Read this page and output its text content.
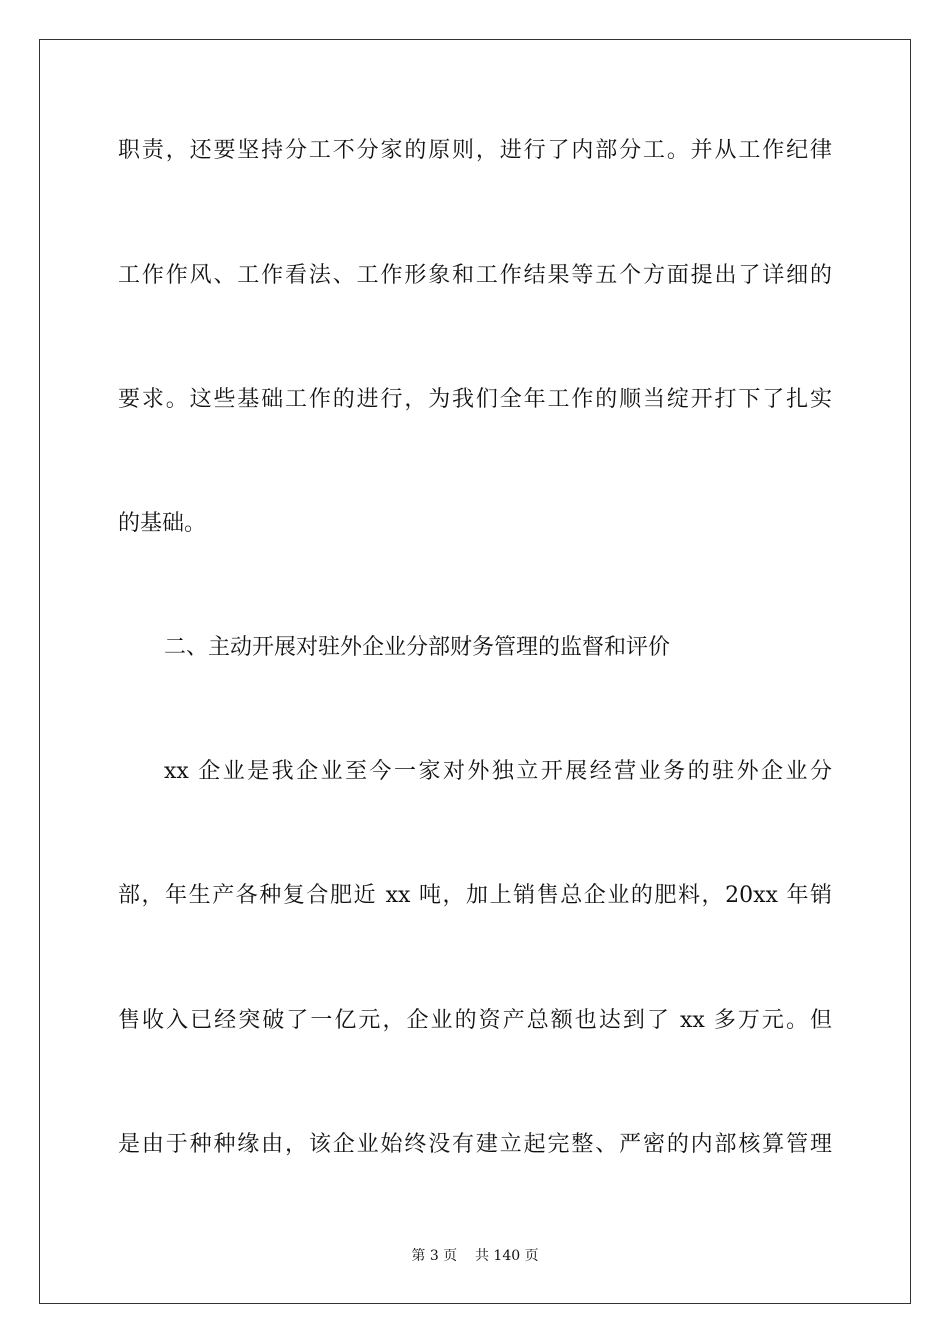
职责，还要坚持分工不分家的原则，进行了内部分工。并从工作纪律
工作作风、工作看法、工作形象和工作结果等五个方面提出了详细的
要求。这些基础工作的进行，为我们全年工作的顺当绽开打下了扎实
的基础。
二、主动开展对驻外企业分部财务管理的监督和评价
xx 企业是我企业至今一家对外独立开展经营业务的驻外企业分
部，年生产各种复合肥近 xx 吨，加上销售总企业的肥料，20xx 年销
售收入已经突破了一亿元，企业的资产总额也达到了 xx 多万元。但
是由于种种缘由，该企业始终没有建立起完整、严密的内部核算管理
第 3 页    共 140 页
